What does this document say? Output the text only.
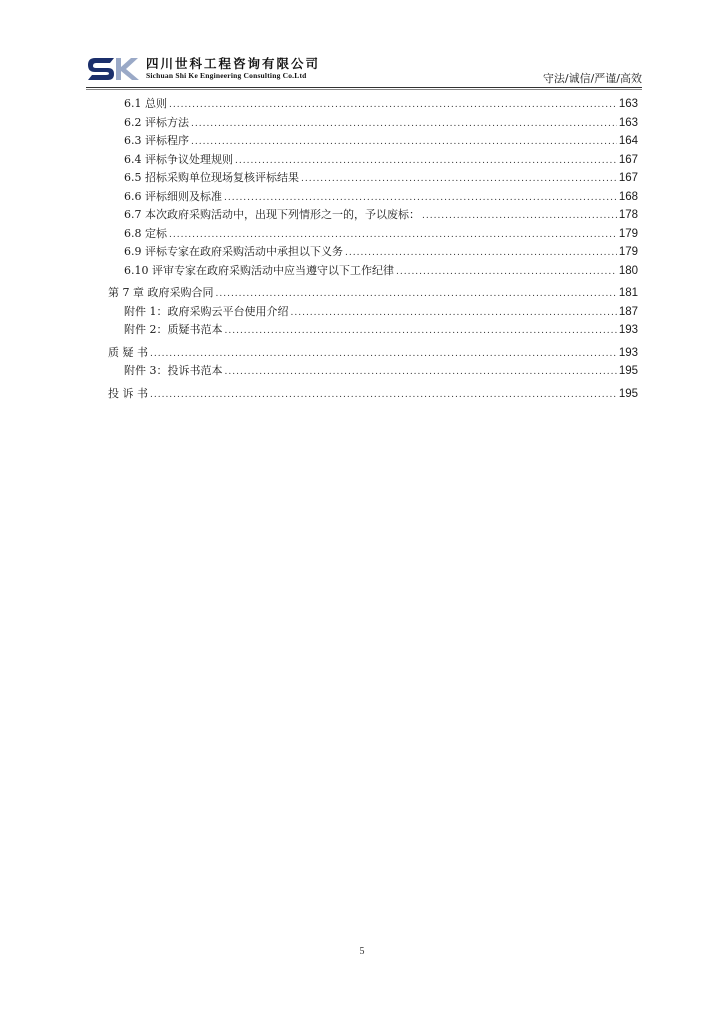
四川世科工程咨询有限公司
Sichuan Shi Ke Engineering Consulting Co.Ltd	守法/诚信/严谨/高效
6.1 总则 .....	163
6.2 评标方法 .....	163
6.3 评标程序 .....	164
6.4 评标争议处理规则 .....	167
6.5 招标采购单位现场复核评标结果 .....	167
6.6 评标细则及标准 .....	168
6.7 本次政府采购活动中，出现下列情形之一的，予以废标： .....	178
6.8 定标 .....	179
6.9 评标专家在政府采购活动中承担以下义务 .....	179
6.10 评审专家在政府采购活动中应当遵守以下工作纪律 .....	180
第 7 章 政府采购合同 .....	181
附件 1：政府采购云平台使用介绍 .....	187
附件 2：质疑书范本 .....	193
质 疑 书 .....	193
附件 3：投诉书范本 .....	195
投 诉 书 .....	195
5
